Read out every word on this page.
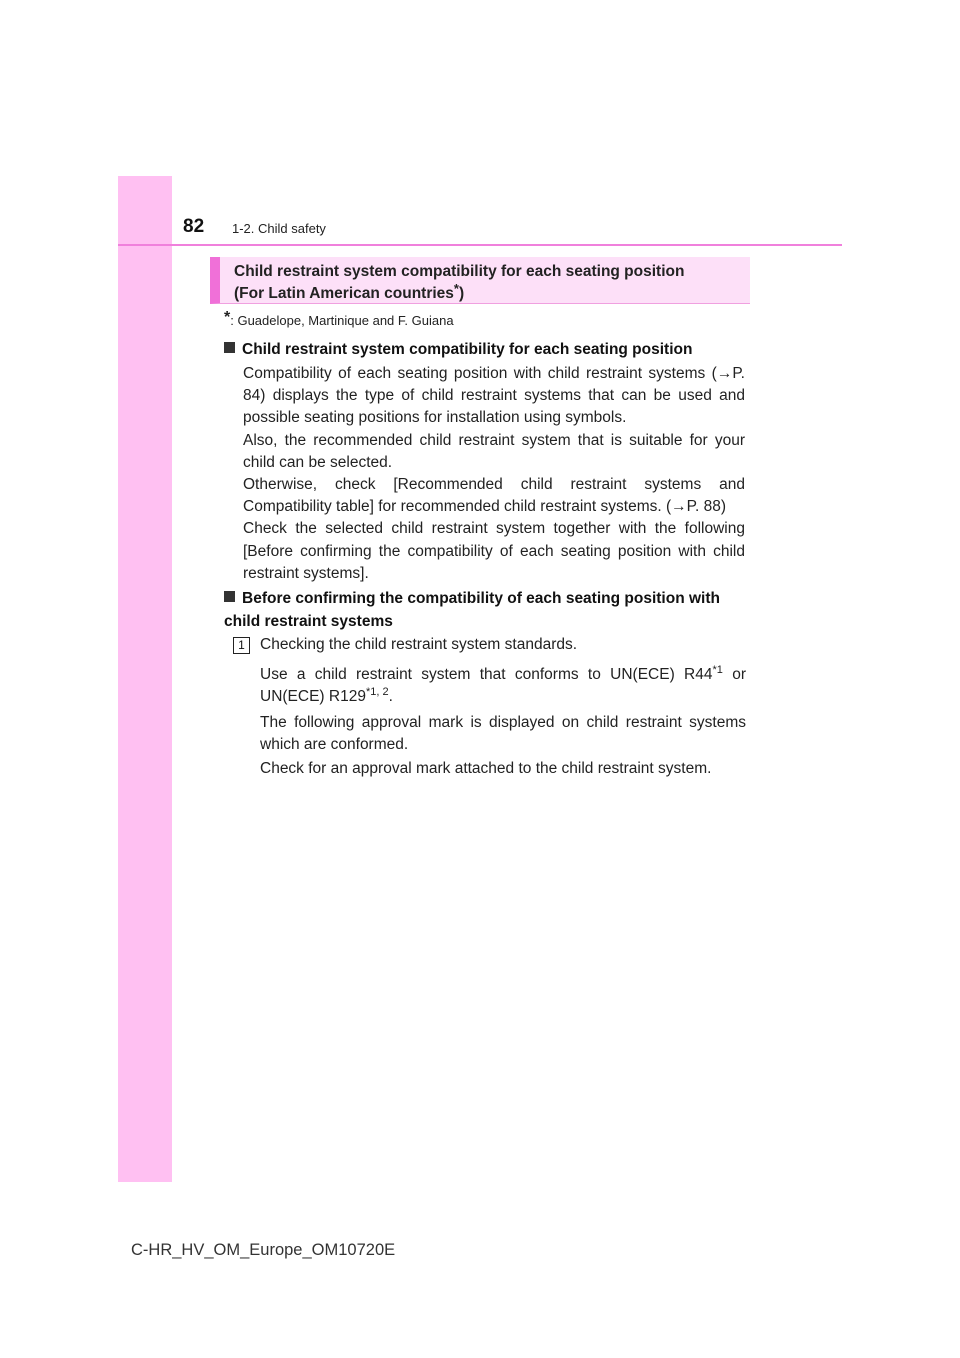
82 1-2. Child safety
Child restraint system compatibility for each seating position
(For Latin American countries*)
*: Guadelope, Martinique and F. Guiana
Child restraint system compatibility for each seating position

Compatibility of each seating position with child restraint systems (→P. 84) displays the type of child restraint systems that can be used and possible seating positions for installation using symbols.

Also, the recommended child restraint system that is suitable for your child can be selected.

Otherwise, check [Recommended child restraint systems and Compatibility table] for recommended child restraint systems. (→P. 88)

Check the selected child restraint system together with the following [Before confirming the compatibility of each seating position with child restraint systems].

Before confirming the compatibility of each seating position with child restraint systems
1 Checking the child restraint system standards.

Use a child restraint system that conforms to UN(ECE) R44$^{*1}$ or UN(ECE) R129$^{*1, 2}$.

The following approval mark is displayed on child restraint systems which are conformed.

Check for an approval mark attached to the child restraint system.

C-HR_HV_OM_Europe_OM10720E
